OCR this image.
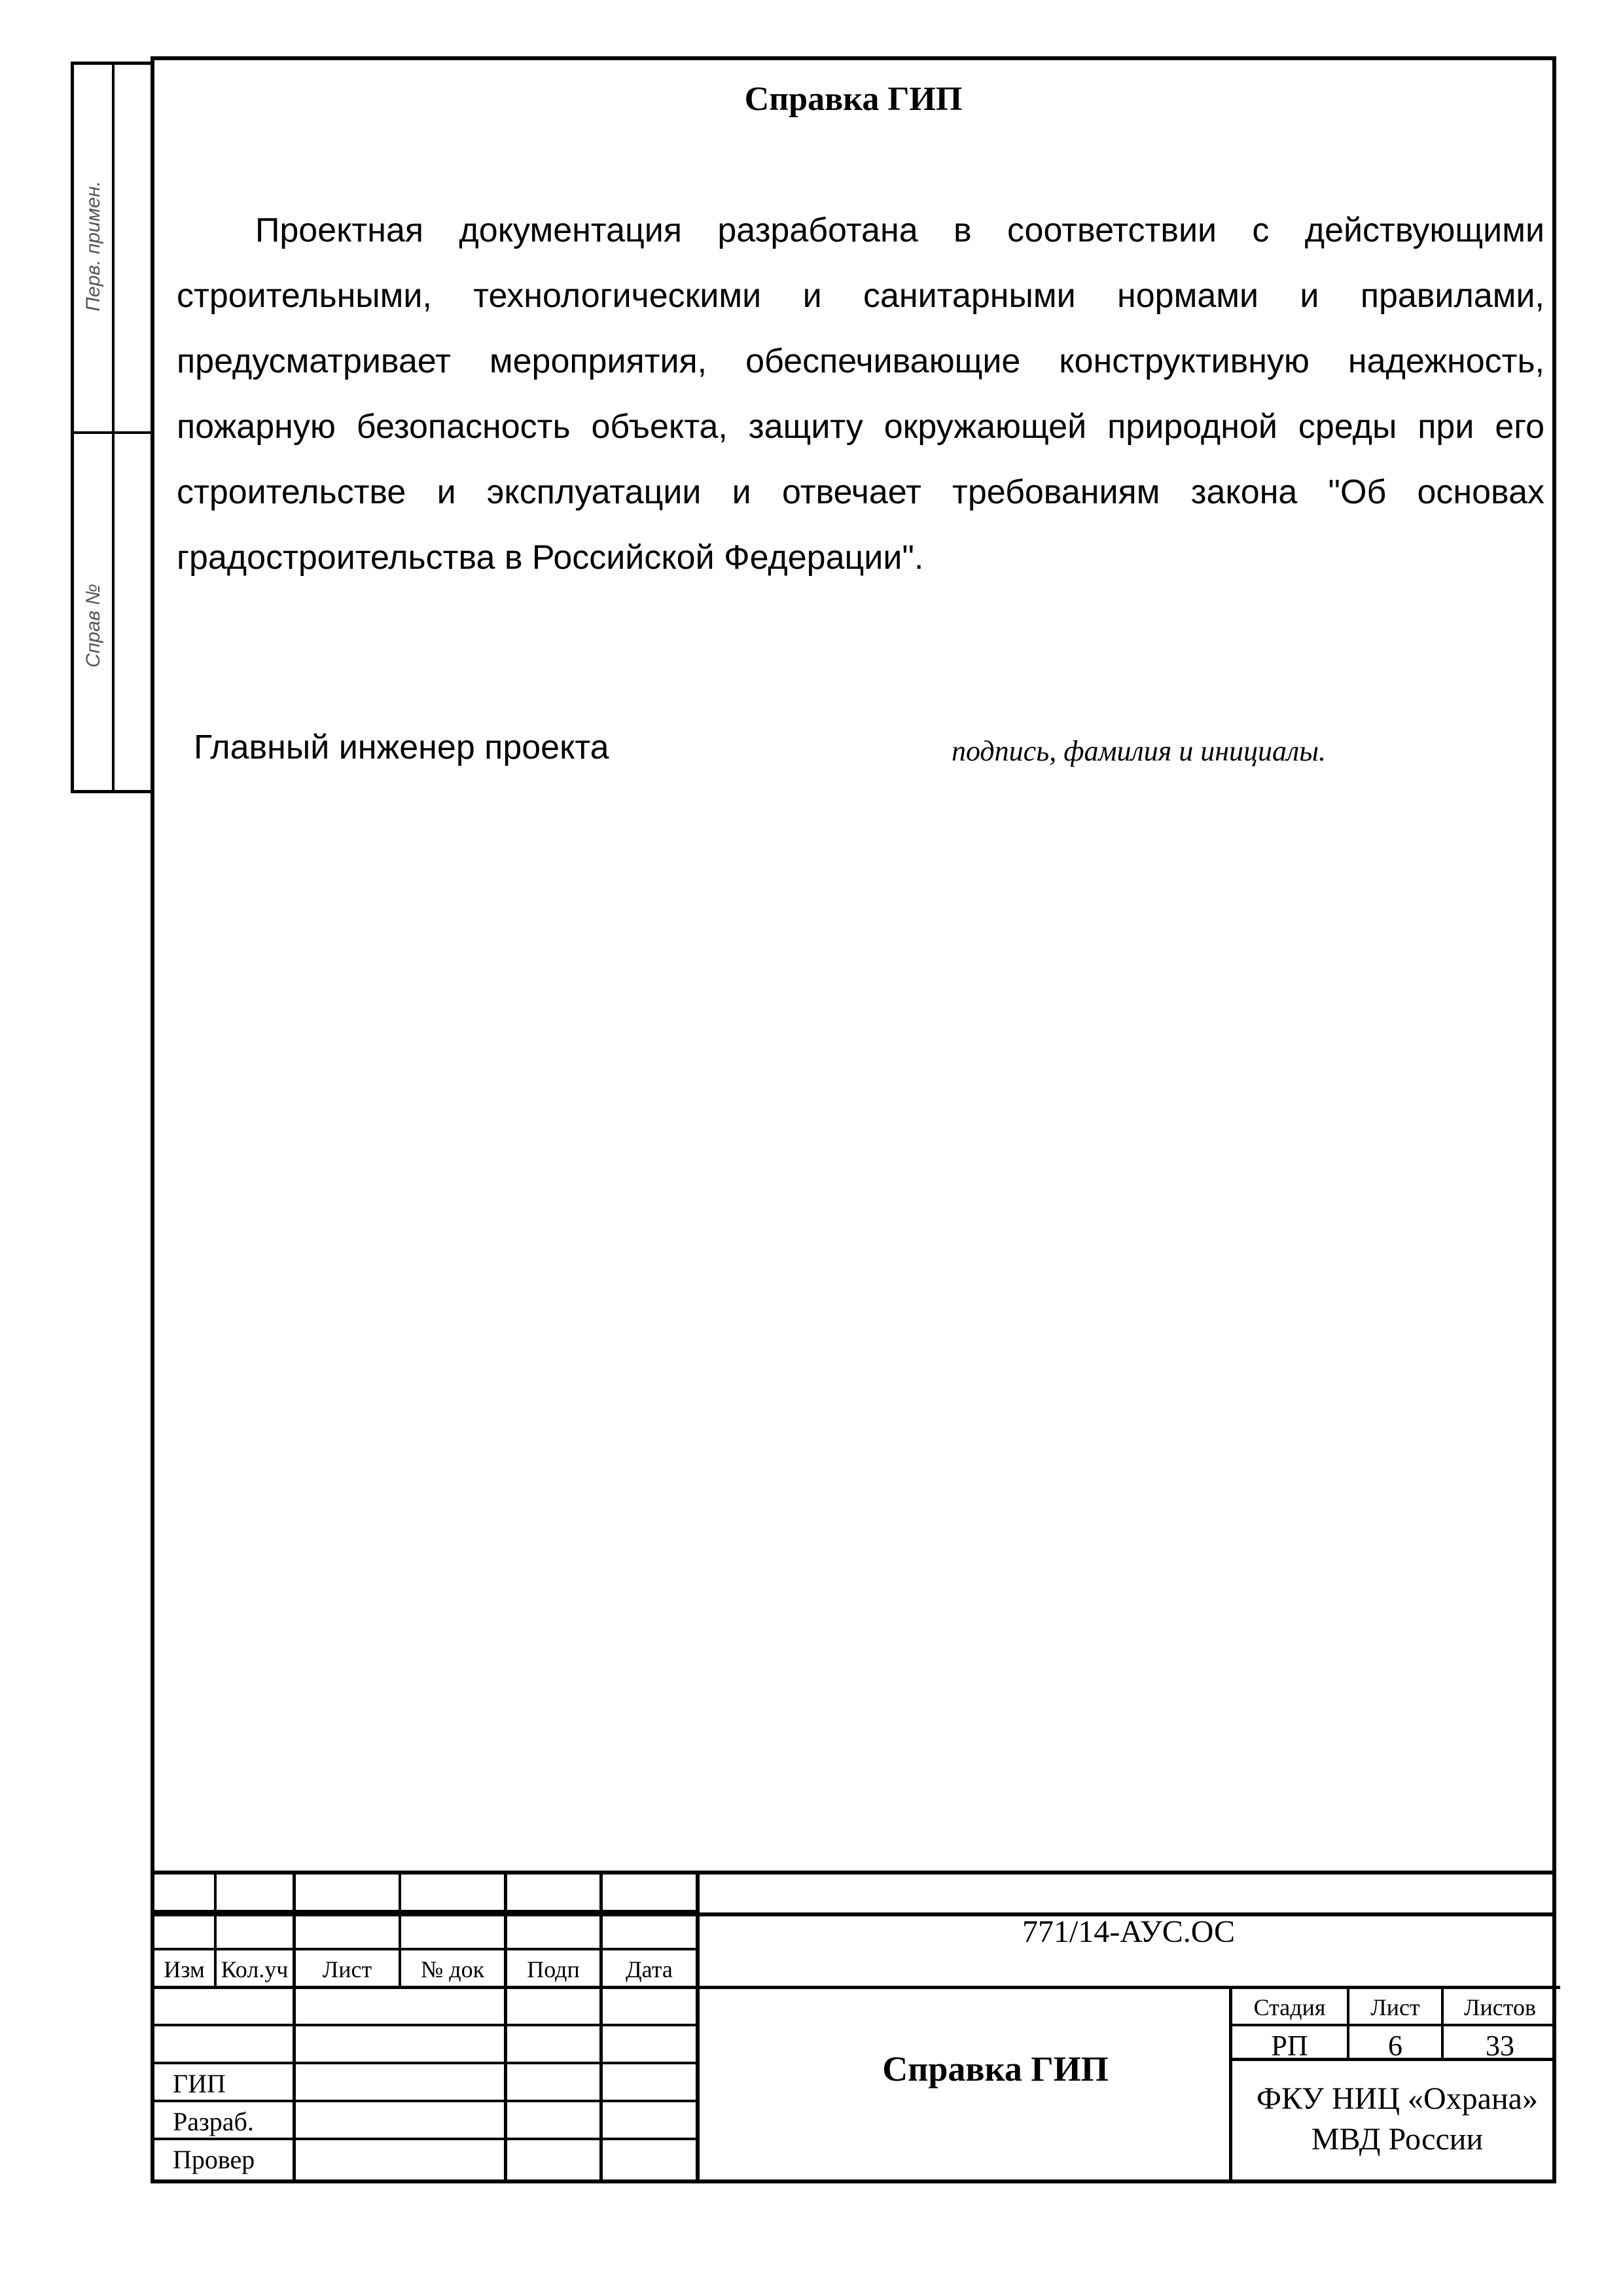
Перв. примен.
Справ №
Справка ГИП
Проектная документация разработана в соответствии с действующими строительными, технологическими и санитарными нормами и правилами, предусматривает мероприятия, обеспечивающие конструктивную надежность, пожарную безопасность объекта, защиту окружающей природной среды при его строительстве и эксплуатации и отвечает требованиям закона "Об основах градостроительства в Российской Федерации".
Главный инженер проекта	подпись, фамилия и инициалы.
Изм Кол.уч	Лист	№ док	Подп	Дата
ГИП
Разраб.
Провер
771/14-АУС.ОС
Справка ГИП
Стадия	Лист	Листов
РП	6	33
ФКУ НИЦ «Охрана»
МВД России
